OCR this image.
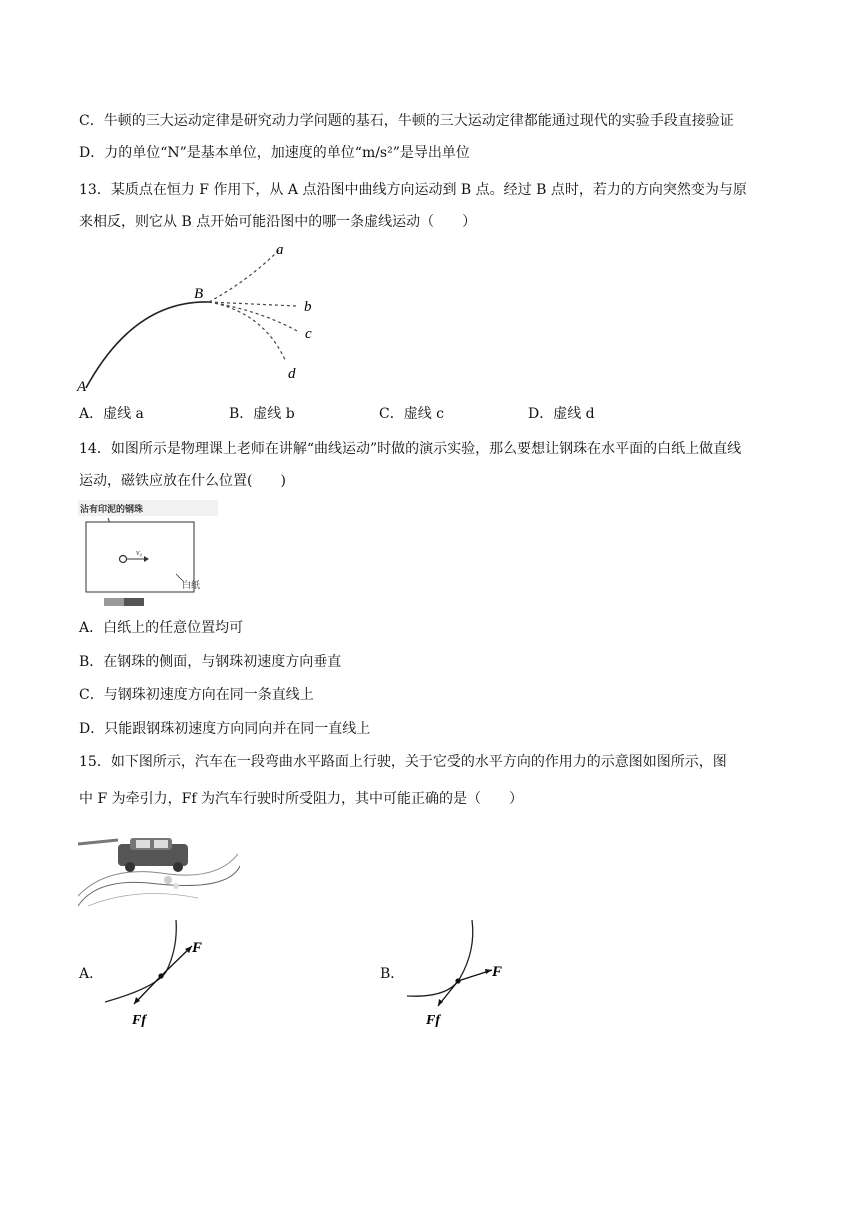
C．牛顿的三大运动定律是研究动力学问题的基石，牛顿的三大运动定律都能通过现代的实验手段直接验证
D．力的单位“N”是基本单位，加速度的单位“m/s²”是导出单位
13．某质点在恒力 F 作用下，从 A 点沿图中曲线方向运动到 B 点。经过 B 点时，若力的方向突然变为与原
来相反，则它从 B 点开始可能沿图中的哪一条虚线运动（　　）
a
b
c
d
B
A
A．虚线 a	B．虚线 b	C．虚线 c	D．虚线 d
14．如图所示是物理课上老师在讲解“曲线运动”时做的演示实验，那么要想让钢珠在水平面的白纸上做直线
运动，磁铁应放在什么位置(　　)
沾有印泥的钢珠
v₀
白纸
A．白纸上的任意位置均可
B．在钢珠的侧面，与钢珠初速度方向垂直
C．与钢珠初速度方向在同一条直线上
D．只能跟钢珠初速度方向同向并在同一直线上
15．如下图所示，汽车在一段弯曲水平路面上行驶，关于它受的水平方向的作用力的示意图如图所示，图
中 F 为牵引力，Ff 为汽车行驶时所受阻力，其中可能正确的是（　　）
A．
F
Ff
B．	F
Ff
